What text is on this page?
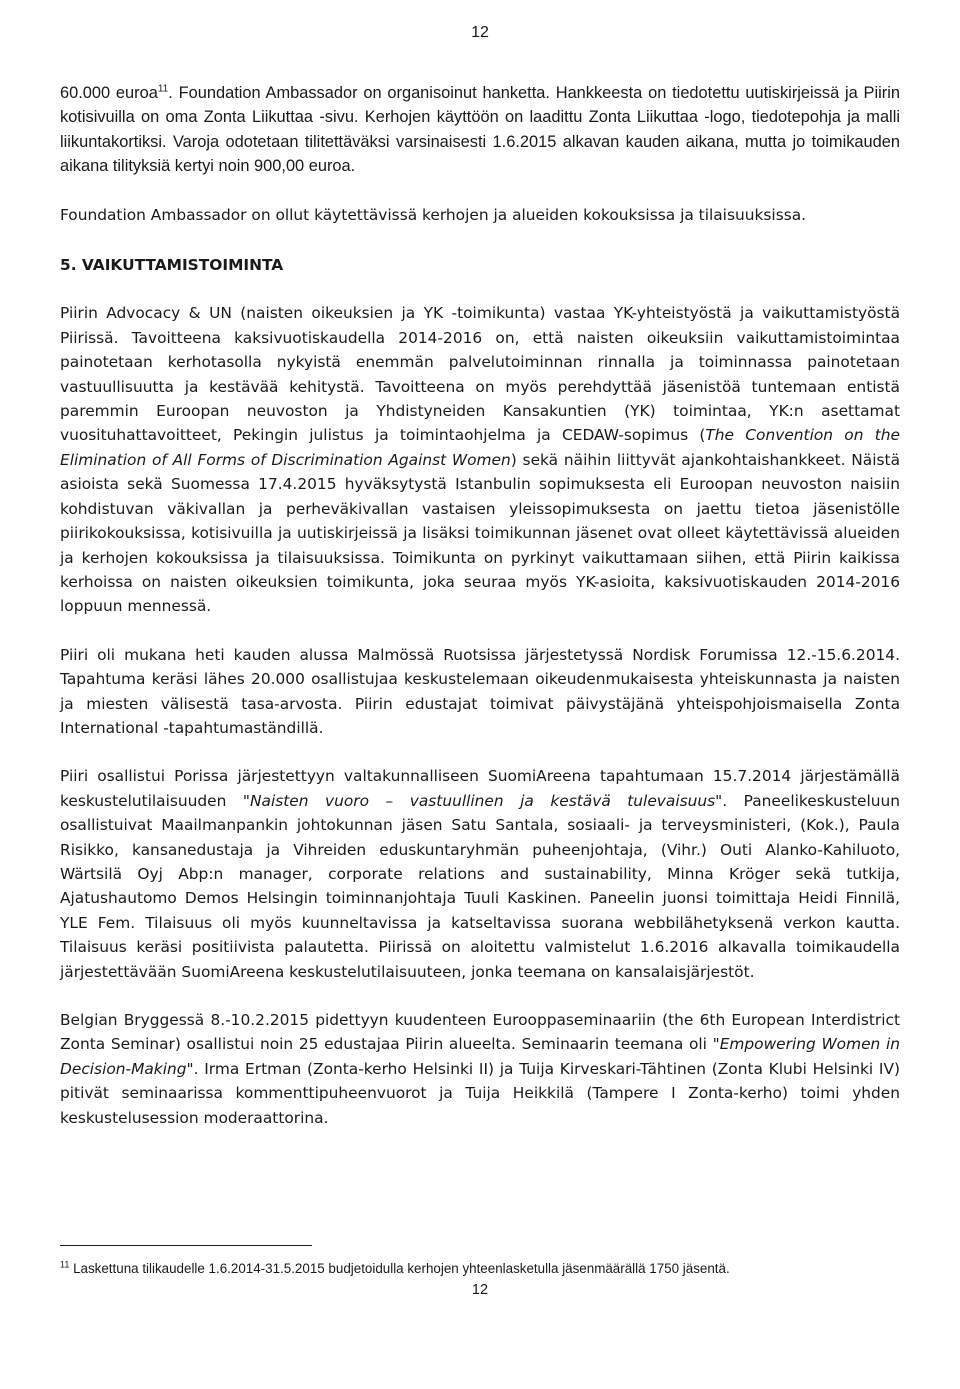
12

60.000 euroa$^{11}$. Foundation Ambassador on organisoinut hanketta. Hankkeesta on tiedotettu uutiskirjeissä ja Piirin kotisivuilla on oma Zonta Liikuttaa -sivu. Kerhojen käyttöön on laadittu Zonta Liikuttaa -logo, tiedotepohja ja malli liikuntakortiksi. Varoja odotetaan tilitettäväksi varsinaisesti 1.6.2015 alkavan kauden aikana, mutta jo toimikauden aikana tilityksiä kertyi noin 900,00 euroa.

Foundation Ambassador on ollut käytettävissä kerhojen ja alueiden kokouksissa ja tilaisuuksissa.

5. VAIKUTTAMISTOIMINTA

Piirin Advocacy & UN (naisten oikeuksien ja YK -toimikunta) vastaa YK-yhteistyöstä ja vaikuttamistyöstä Piirissä. Tavoitteena kaksivuotiskaudella 2014-2016 on, että naisten oikeuksiin vaikuttamistoimintaa painotetaan kerhotasolla nykyistä enemmän palvelutoiminnan rinnalla ja toiminnassa painotetaan vastuullisuutta ja kestävää kehitystä. Tavoitteena on myös perehdyttää jäsenistöä tuntemaan entistä paremmin Euroopan neuvoston ja Yhdistyneiden Kansakuntien (YK) toimintaa, YK:n asettamat vuosituhattavoitteet, Pekingin julistus ja toimintaohjelma ja CEDAW-sopimus (The Convention on the Elimination of All Forms of Discrimination Against Women) sekä näihin liittyvät ajankohtaishankkeet. Näistä asioista sekä Suomessa 17.4.2015 hyväksytystä Istanbulin sopimuksesta eli Euroopan neuvoston naisiin kohdistuvan väkivallan ja perheväkivallan vastaisen yleissopimuksesta on jaettu tietoa jäsenistölle piirikokouksissa, kotisivuilla ja uutiskirjeissä ja lisäksi toimikunnan jäsenet ovat olleet käytettävissä alueiden ja kerhojen kokouksissa ja tilaisuuksissa. Toimikunta on pyrkinyt vaikuttamaan siihen, että Piirin kaikissa kerhoissa on naisten oikeuksien toimikunta, joka seuraa myös YK-asioita, kaksivuotiskauden 2014-2016 loppuun mennessä.

Piiri oli mukana heti kauden alussa Malmössä Ruotsissa järjestetyssä Nordisk Forumissa 12.-15.6.2014. Tapahtuma keräsi lähes 20.000 osallistujaa keskustelemaan oikeudenmukaisesta yhteiskunnasta ja naisten ja miesten välisestä tasa-arvosta. Piirin edustajat toimivat päivystäjänä yhteispohjoismaisella Zonta International -tapahtumaständillä.

Piiri osallistui Porissa järjestettyyn valtakunnalliseen SuomiAreena tapahtumaan 15.7.2014 järjestämällä keskustelutilaisuuden "Naisten vuoro – vastuullinen ja kestävä tulevaisuus". Paneelikeskusteluun osallistuivat Maailmanpankin johtokunnan jäsen Satu Santala, sosiaali- ja terveysministeri, (Kok.), Paula Risikko, kansanedustaja ja Vihreiden eduskuntaryhmän puheenjohtaja, (Vihr.) Outi Alanko-Kahiluoto, Wärtsilä Oyj Abp:n manager, corporate relations and sustainability, Minna Kröger sekä tutkija, Ajatushautomo Demos Helsingin toiminnanjohtaja Tuuli Kaskinen. Paneelin juonsi toimittaja Heidi Finnilä, YLE Fem. Tilaisuus oli myös kuunneltavissa ja katseltavissa suorana webbilähetyksenä verkon kautta. Tilaisuus keräsi positiivista palautetta. Piirissä on aloitettu valmistelut 1.6.2016 alkavalla toimikaudella järjestettävään SuomiAreena keskustelutilaisuuteen, jonka teemana on kansalaisjärjestöt.

Belgian Bryggessä 8.-10.2.2015 pidettyyn kuudenteen Eurooppaseminaariin (the 6th European Interdistrict Zonta Seminar) osallistui noin 25 edustajaa Piirin alueelta. Seminaarin teemana oli "Empowering Women in Decision-Making". Irma Ertman (Zonta-kerho Helsinki II) ja Tuija Kirveskari-Tähtinen (Zonta Klubi Helsinki IV) pitivät seminaarissa kommenttipuheenvuorot ja Tuija Heikkilä (Tampere I Zonta-kerho) toimi yhden keskustelusession moderaattorina.

$^{11}$ Laskettuna tilikaudelle 1.6.2014-31.5.2015 budjetoidulla kerhojen yhteenlasketulla jäsenmäärällä 1750 jäsentä.
12
